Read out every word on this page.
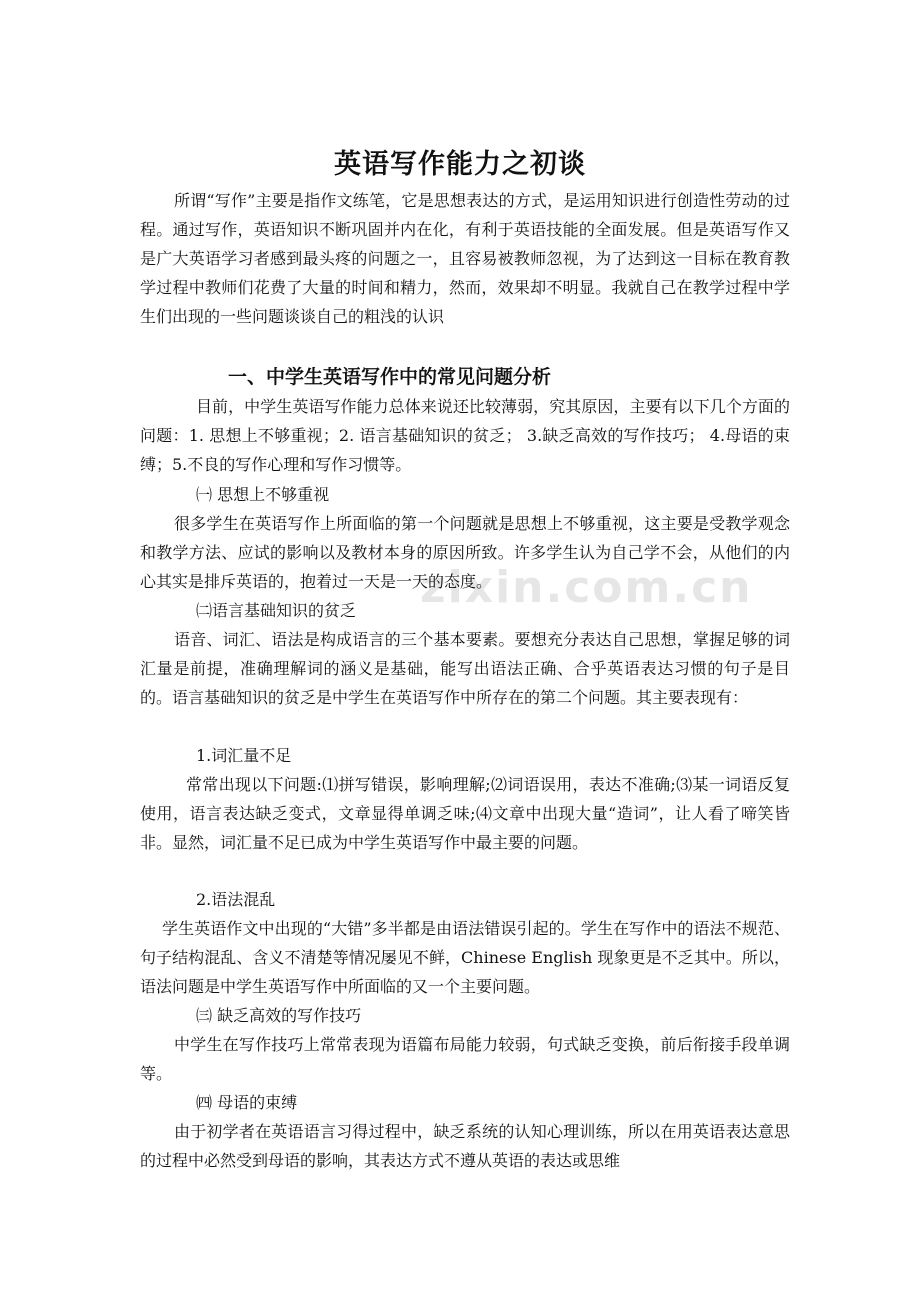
zixin.com.cn
英语写作能力之初谈
所谓“写作”主要是指作文练笔，它是思想表达的方式，是运用知识进行创造性劳动的过程。通过写作，英语知识不断巩固并内在化，有利于英语技能的全面发展。但是英语写作又是广大英语学习者感到最头疼的问题之一，且容易被教师忽视，为了达到这一目标在教育教学过程中教师们花费了大量的时间和精力，然而，效果却不明显。我就自己在教学过程中学生们出现的一些问题谈谈自己的粗浅的认识
一、中学生英语写作中的常见问题分析
目前，中学生英语写作能力总体来说还比较薄弱，究其原因，主要有以下几个方面的问题：1. 思想上不够重视；2. 语言基础知识的贫乏； 3.缺乏高效的写作技巧； 4.母语的束缚；5.不良的写作心理和写作习惯等。
㈠ 思想上不够重视
很多学生在英语写作上所面临的第一个问题就是思想上不够重视，这主要是受教学观念和教学方法、应试的影响以及教材本身的原因所致。许多学生认为自己学不会，从他们的内心其实是排斥英语的，抱着过一天是一天的态度。
㈡语言基础知识的贫乏
语音、词汇、语法是构成语言的三个基本要素。要想充分表达自己思想，掌握足够的词汇量是前提，准确理解词的涵义是基础，能写出语法正确、合乎英语表达习惯的句子是目的。语言基础知识的贫乏是中学生在英语写作中所存在的第二个问题。其主要表现有：
1.词汇量不足
常常出现以下问题:⑴拼写错误，影响理解;⑵词语误用，表达不准确;⑶某一词语反复使用，语言表达缺乏变式，文章显得单调乏味;⑷文章中出现大量“造词”，让人看了啼笑皆非。显然，词汇量不足已成为中学生英语写作中最主要的问题。
2.语法混乱
学生英语作文中出现的“大错”多半都是由语法错误引起的。学生在写作中的语法不规范、句子结构混乱、含义不清楚等情况屡见不鲜，Chinese English 现象更是不乏其中。所以，语法问题是中学生英语写作中所面临的又一个主要问题。
㈢ 缺乏高效的写作技巧
中学生在写作技巧上常常表现为语篇布局能力较弱，句式缺乏变换，前后衔接手段单调等。
㈣ 母语的束缚
由于初学者在英语语言习得过程中，缺乏系统的认知心理训练，所以在用英语表达意思的过程中必然受到母语的影响，其表达方式不遵从英语的表达或思维
